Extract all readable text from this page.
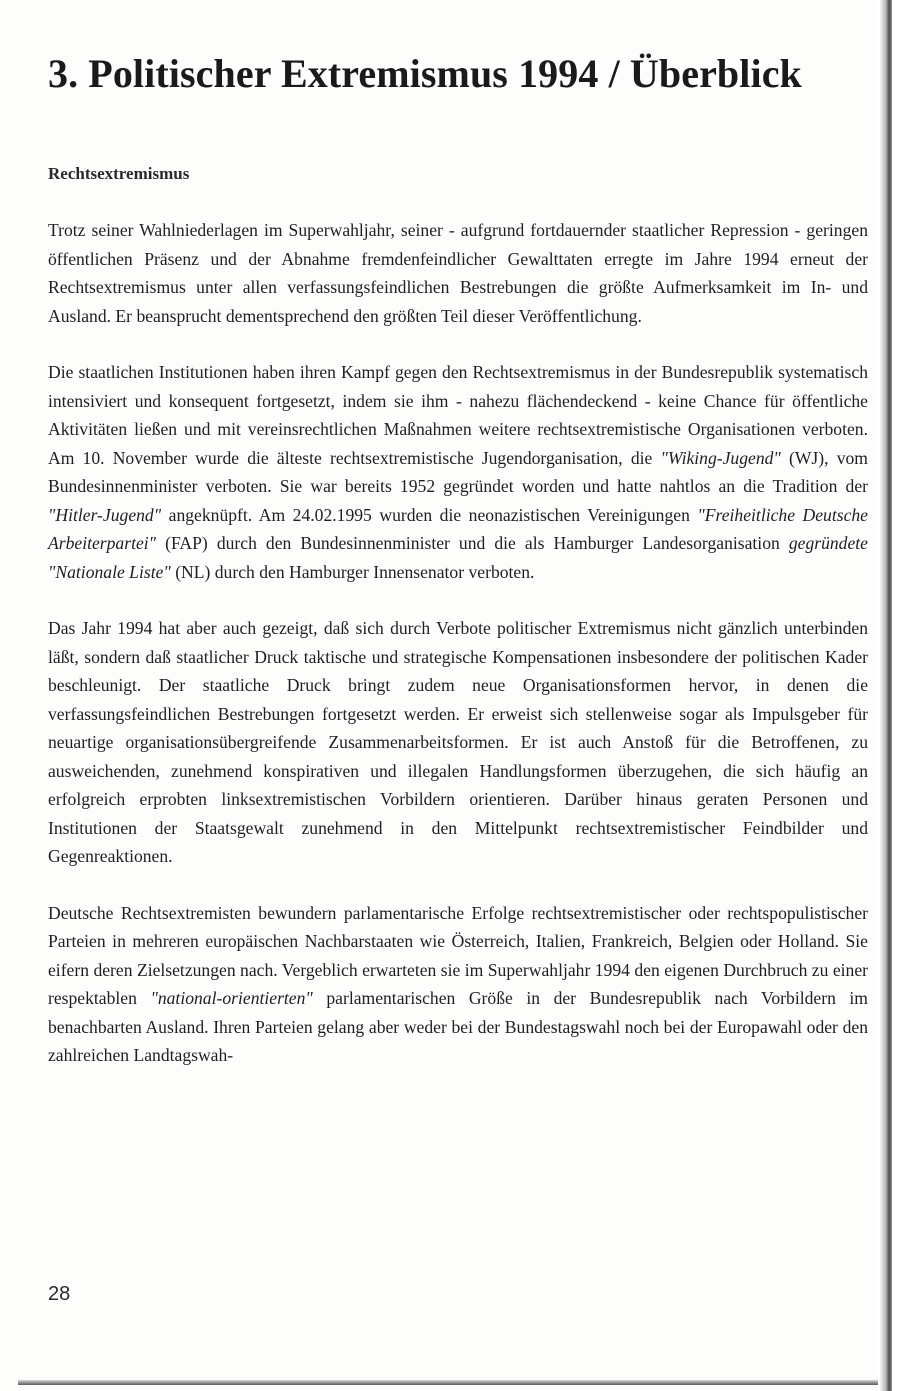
3. Politischer Extremismus 1994 / Überblick
Rechtsextremismus

Trotz seiner Wahlniederlagen im Superwahljahr, seiner - aufgrund fortdauernder staatlicher Repression - geringen öffentlichen Präsenz und der Abnahme fremdenfeindlicher Gewalttaten erregte im Jahre 1994 erneut der Rechtsextremismus unter allen verfassungsfeindlichen Bestrebungen die größte Aufmerksamkeit im In- und Ausland. Er beansprucht dementsprechend den größten Teil dieser Veröffentlichung.

Die staatlichen Institutionen haben ihren Kampf gegen den Rechtsextremismus in der Bundesrepublik systematisch intensiviert und konsequent fortgesetzt, indem sie ihm - nahezu flächendeckend - keine Chance für öffentliche Aktivitäten ließen und mit vereinsrechtlichen Maßnahmen weitere rechtsextremistische Organisationen verboten. Am 10. November wurde die älteste rechtsextremistische Jugendorganisation, die "Wiking-Jugend" (WJ), vom Bundesinnenminister verboten. Sie war bereits 1952 gegründet worden und hatte nahtlos an die Tradition der "Hitler-Jugend" angeknüpft. Am 24.02.1995 wurden die neonazistischen Vereinigungen "Freiheitliche Deutsche Arbeiterpartei" (FAP) durch den Bundesinnenminister und die als Hamburger Landesorganisation gegründete "Nationale Liste" (NL) durch den Hamburger Innensenator verboten.

Das Jahr 1994 hat aber auch gezeigt, daß sich durch Verbote politischer Extremismus nicht gänzlich unterbinden läßt, sondern daß staatlicher Druck taktische und strategische Kompensationen insbesondere der politischen Kader beschleunigt. Der staatliche Druck bringt zudem neue Organisationsformen hervor, in denen die verfassungsfeindlichen Bestrebungen fortgesetzt werden. Er erweist sich stellenweise sogar als Impulsgeber für neuartige organisationsübergreifende Zusammenarbeitsformen. Er ist auch Anstoß für die Betroffenen, zu ausweichenden, zunehmend konspirativen und illegalen Handlungsformen überzugehen, die sich häufig an erfolgreich erprobten linksextremistischen Vorbildern orientieren. Darüber hinaus geraten Personen und Institutionen der Staatsgewalt zunehmend in den Mittelpunkt rechtsextremistischer Feindbilder und Gegenreaktionen.

Deutsche Rechtsextremisten bewundern parlamentarische Erfolge rechtsextremistischer oder rechtspopulistischer Parteien in mehreren europäischen Nachbarstaaten wie Österreich, Italien, Frankreich, Belgien oder Holland. Sie eifern deren Zielsetzungen nach. Vergeblich erwarteten sie im Superwahljahr 1994 den eigenen Durchbruch zu einer respektablen "national-orientierten" parlamentarischen Größe in der Bundesrepublik nach Vorbildern im benachbarten Ausland. Ihren Parteien gelang aber weder bei der Bundestagswahl noch bei der Europawahl oder den zahlreichen Landtagswah-

28
